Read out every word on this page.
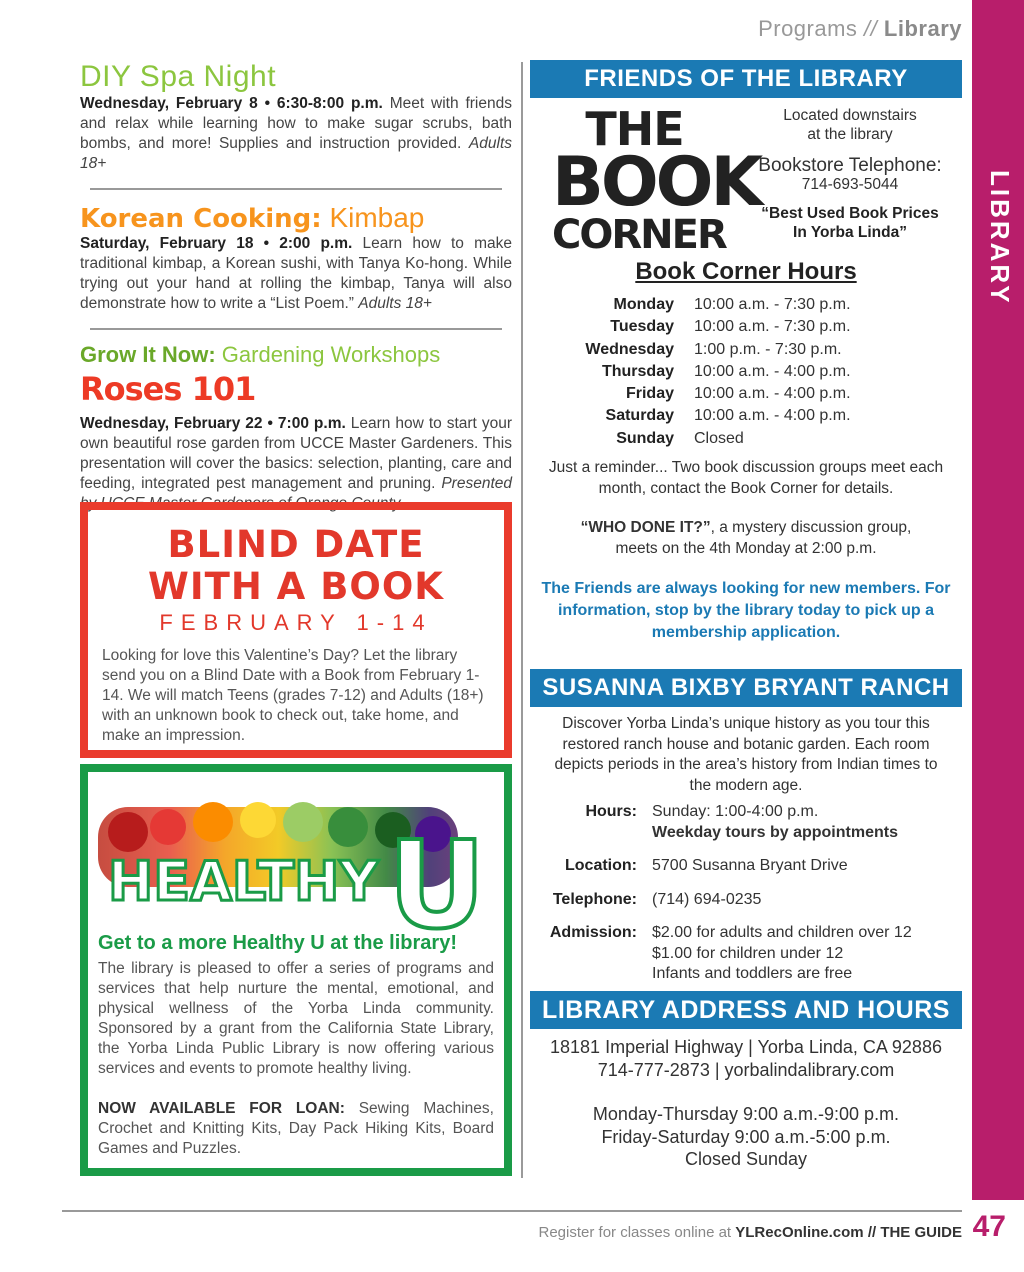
Programs // Library
LIBRARY
DIY Spa Night
Wednesday, February 8 • 6:30-8:00 p.m. Meet with friends and relax while learning how to make sugar scrubs, bath bombs, and more! Supplies and instruction provided. Adults 18+
Korean Cooking: Kimbap
Saturday, February 18 • 2:00 p.m. Learn how to make traditional kimbap, a Korean sushi, with Tanya Ko-hong. While trying out your hand at rolling the kimbap, Tanya will also demonstrate how to write a “List Poem.” Adults 18+
Grow It Now: Gardening Workshops
Roses 101
Wednesday, February 22 • 7:00 p.m. Learn how to start your own beautiful rose garden from UCCE Master Gardeners. This presentation will cover the basics: selection, planting, care and feeding, integrated pest management and pruning. Presented by UCCE Master Gardeners of Orange County.
BLIND DATE
WITH A BOOK
FEBRUARY 1-14
Looking for love this Valentine’s Day? Let the library send you on a Blind Date with a Book from February 1-14. We will match Teens (grades 7-12) and Adults (18+) with an unknown book to check out, take home, and make an impression.
HEALTHY U
Get to a more Healthy U at the library!
The library is pleased to offer a series of programs and services that help nurture the mental, emotional, and physical wellness of the Yorba Linda community. Sponsored by a grant from the California State Library, the Yorba Linda Public Library is now offering various services and events to promote healthy living.
NOW AVAILABLE FOR LOAN: Sewing Machines, Crochet and Knitting Kits, Day Pack Hiking Kits, Board Games and Puzzles.
FRIENDS OF THE LIBRARY
THE
BOOK
CORNER
Located downstairs
at the library
Bookstore Telephone:
714-693-5044
“Best Used Book Prices
In Yorba Linda”
Book Corner Hours
Monday	10:00 a.m. - 7:30 p.m.
Tuesday	10:00 a.m. - 7:30 p.m.
Wednesday	1:00 p.m. - 7:30 p.m.
Thursday	10:00 a.m. - 4:00 p.m.
Friday	10:00 a.m. - 4:00 p.m.
Saturday	10:00 a.m. - 4:00 p.m.
Sunday	Closed
Just a reminder... Two book discussion groups meet each month, contact the Book Corner for details.
“WHO DONE IT?”, a mystery discussion group, meets on the 4th Monday at 2:00 p.m.
The Friends are always looking for new members. For information, stop by the library today to pick up a membership application.
SUSANNA BIXBY BRYANT RANCH
Discover Yorba Linda’s unique history as you tour this restored ranch house and botanic garden. Each room depicts periods in the area’s history from Indian times to the modern age.
Hours:	Sunday: 1:00-4:00 p.m.
Weekday tours by appointments

Location:	5700 Susanna Bryant Drive
Telephone:	(714) 694-0235
Admission:	$2.00 for adults and children over 12
$1.00 for children under 12
Infants and toddlers are free
LIBRARY ADDRESS AND HOURS
18181 Imperial Highway | Yorba Linda, CA 92886
714-777-2873 | yorbalindalibrary.com
Monday-Thursday 9:00 a.m.-9:00 p.m.
Friday-Saturday 9:00 a.m.-5:00 p.m.
Closed Sunday
Register for classes online at YLRecOnline.com // THE GUIDE 47
